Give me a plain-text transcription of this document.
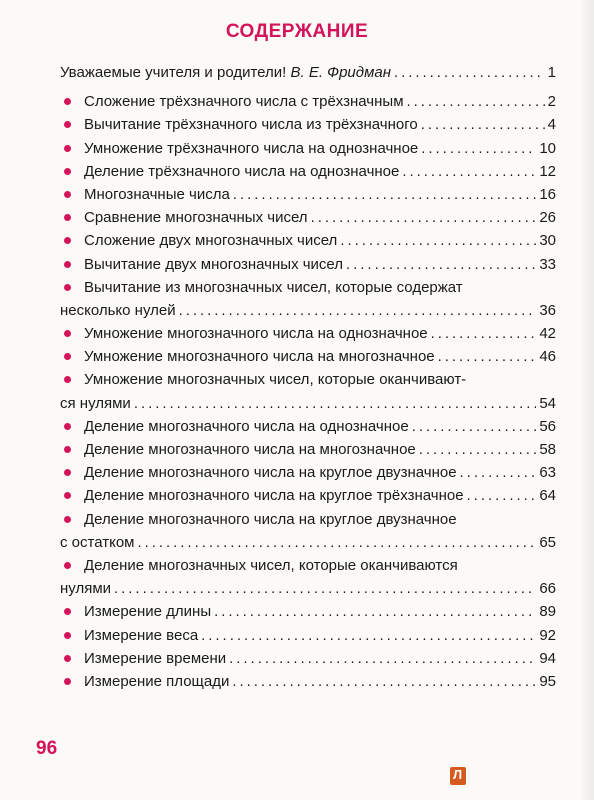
СОДЕРЖАНИЕ
Уважаемые учителя и родители! В. Е. Фридман . . .	1
Сложение трёхзначного числа с трёхзначным . . .	2
Вычитание трёхзначного числа из трёхзначного . . .	4
Умножение трёхзначного числа на однозначное . . .	10
Деление трёхзначного числа на однозначное . . .	12
Многозначные числа . . .	16
Сравнение многозначных чисел . . .	26
Сложение двух многозначных чисел . . .	30
Вычитание двух многозначных чисел . . .	33
Вычитание из многозначных чисел, которые содержат
несколько нулей . . .	36
Умножение многозначного числа на однозначное . . .	42
Умножение многозначного числа на многозначное . . .	46
Умножение многозначных чисел, которые оканчивают-
ся нулями . . .	54
Деление многозначного числа на однозначное . . .	56
Деление многозначного числа на многозначное . . .	58
Деление многозначного числа на круглое двузначное . . .	63
Деление многозначного числа на круглое трёхзначное . . .	64
Деление многозначного числа на круглое двузначное
с остатком . . .	65
Деление многозначных чисел, которые оканчиваются
нулями . . .	66
Измерение длины . . .	89
Измерение веса . . .	92
Измерение времени . . .	94
Измерение площади . . .	95
96
Л
